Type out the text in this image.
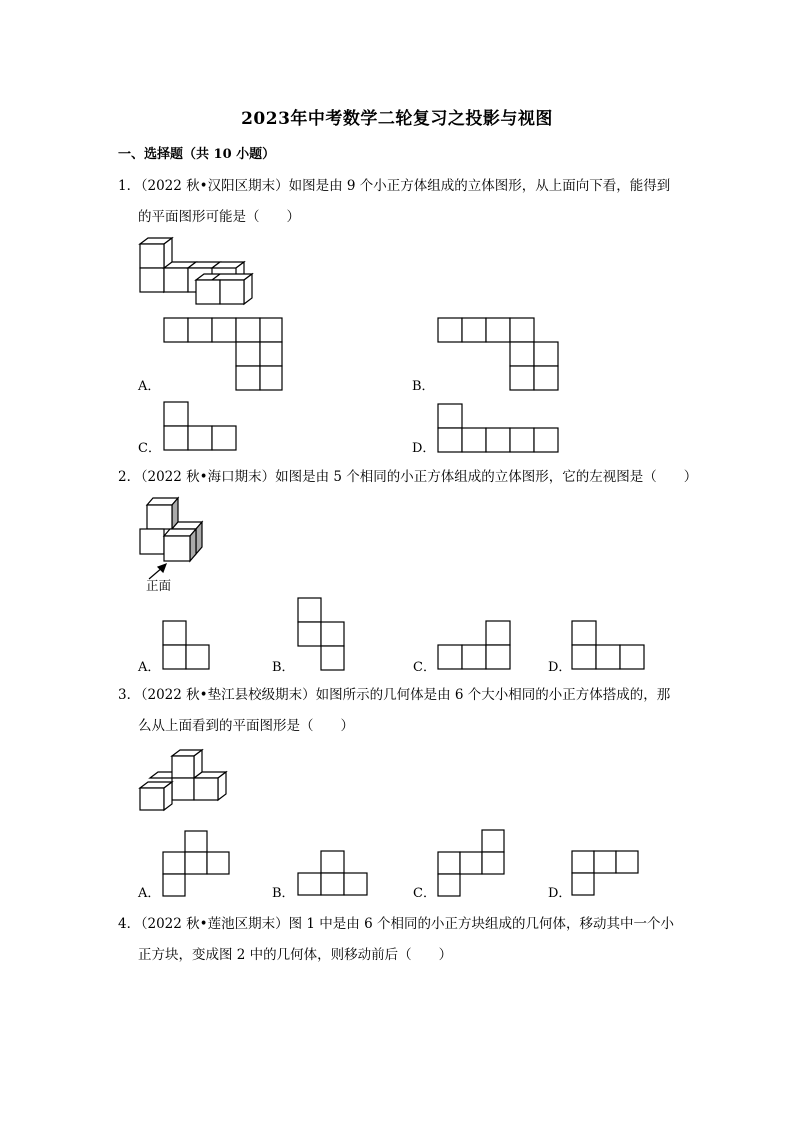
2023年中考数学二轮复习之投影与视图
一、选择题（共 10 小题）
1．
（2022 秋•汉阳区期末）如图是由 9 个小正方体组成的立体图形，从上面向下看，能得到
的平面图形可能是（　　）
A．	B．
C．	D．
2．
（2022 秋•海口期末）如图是由 5 个相同的小正方体组成的立体图形，它的左视图是（　　）
正面
A．	B．	C．	D．
3．
（2022 秋•垫江县校级期末）如图所示的几何体是由 6 个大小相同的小正方体搭成的，那
么从上面看到的平面图形是（　　）
A．	B．	C．	D．
4．
（2022 秋•莲池区期末）图 1 中是由 6 个相同的小正方块组成的几何体，移动其中一个小
正方块，变成图 2 中的几何体，则移动前后（　　）
